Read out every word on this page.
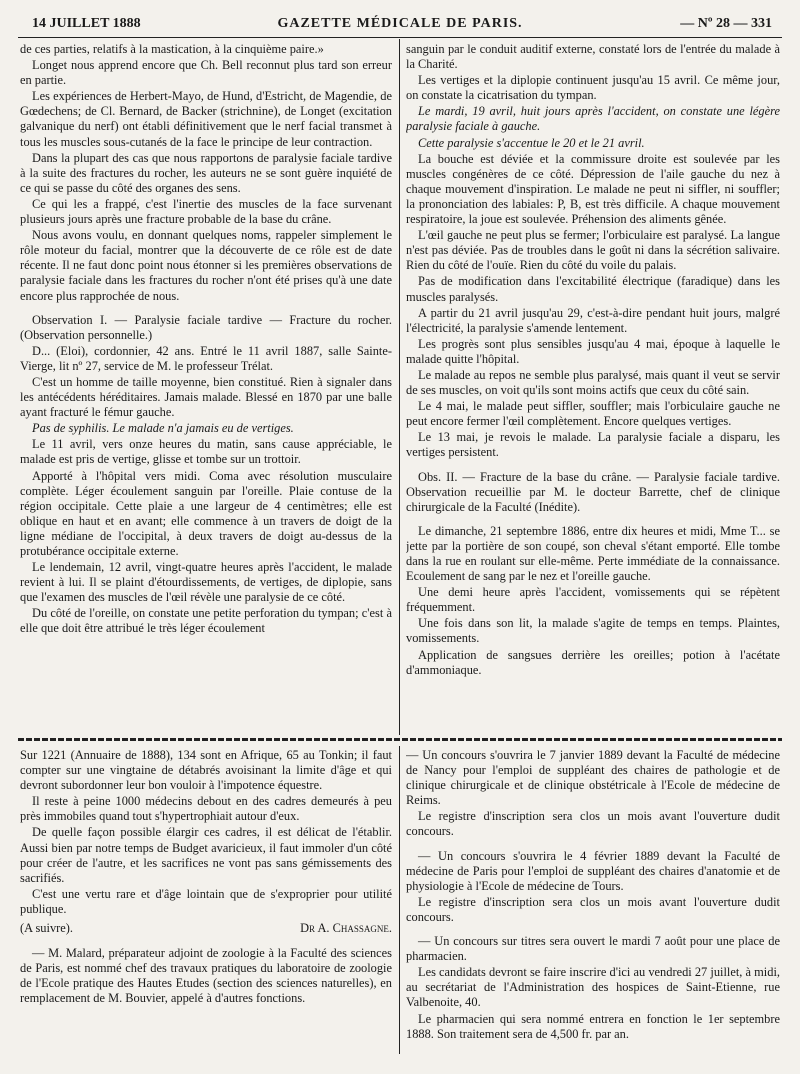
14 JUILLET 1888	GAZETTE MÉDICALE DE PARIS.	— Nº 28 — 331

de ces parties, relatifs à la mastication, à la cinquième paire.»

Longet nous apprend encore que Ch. Bell reconnut plus tard son erreur en partie.

Les expériences de Herbert-Mayo, de Hund, d'Estricht, de Magendie, de Gœdechens; de Cl. Bernard, de Backer (strichnine), de Longet (excitation galvanique du nerf) ont établi définitivement que le nerf facial transmet à tous les muscles sous-cutanés de la face le principe de leur contraction.

Dans la plupart des cas que nous rapportons de paralysie faciale tardive à la suite des fractures du rocher, les auteurs ne se sont guère inquiété de ce qui se passe du côté des organes des sens.

Ce qui les a frappé, c'est l'inertie des muscles de la face survenant plusieurs jours après une fracture probable de la base du crâne.

Nous avons voulu, en donnant quelques noms, rappeler simplement le rôle moteur du facial, montrer que la découverte de ce rôle est de date récente. Il ne faut donc point nous étonner si les premières observations de paralysie faciale dans les fractures du rocher n'ont été prises qu'à une date encore plus rapprochée de nous.

Observation I. — Paralysie faciale tardive — Fracture du rocher. (Observation personnelle.)

D... (Eloi), cordonnier, 42 ans. Entré le 11 avril 1887, salle Sainte-Vierge, lit nº 27, service de M. le professeur Trélat.

C'est un homme de taille moyenne, bien constitué. Rien à signaler dans les antécédents héréditaires. Jamais malade. Blessé en 1870 par une balle ayant fracturé le fémur gauche.

Pas de syphilis. Le malade n'a jamais eu de vertiges.

Le 11 avril, vers onze heures du matin, sans cause appréciable, le malade est pris de vertige, glisse et tombe sur un trottoir.

Apporté à l'hôpital vers midi. Coma avec résolution musculaire complète. Léger écoulement sanguin par l'oreille. Plaie contuse de la région occipitale. Cette plaie a une largeur de 4 centimètres; elle est oblique en haut et en avant; elle commence à un travers de doigt de la ligne médiane de l'occipital, à deux travers de doigt au-dessus de la protubérance occipitale externe.

Le lendemain, 12 avril, vingt-quatre heures après l'accident, le malade revient à lui. Il se plaint d'étourdissements, de vertiges, de diplopie, sans que l'examen des muscles de l'œil révèle une paralysie de ce côté.

Du côté de l'oreille, on constate une petite perforation du tympan; c'est à elle que doit être attribué le très léger écoulement

sanguin par le conduit auditif externe, constaté lors de l'entrée du malade à la Charité.

Les vertiges et la diplopie continuent jusqu'au 15 avril. Ce même jour, on constate la cicatrisation du tympan.

Le mardi, 19 avril, huit jours après l'accident, on constate une légère paralysie faciale à gauche.

Cette paralysie s'accentue le 20 et le 21 avril.

La bouche est déviée et la commissure droite est soulevée par les muscles congénères de ce côté. Dépression de l'aile gauche du nez à chaque mouvement d'inspiration. Le malade ne peut ni siffler, ni souffler; la prononciation des labiales: P, B, est très difficile. A chaque mouvement respiratoire, la joue est soulevée. Préhension des aliments gênée.

L'œil gauche ne peut plus se fermer; l'orbiculaire est paralysé. La langue n'est pas déviée. Pas de troubles dans le goût ni dans la sécrétion salivaire. Rien du côté de l'ouïe. Rien du côté du voile du palais.

Pas de modification dans l'excitabilité électrique (faradique) dans les muscles paralysés.

A partir du 21 avril jusqu'au 29, c'est-à-dire pendant huit jours, malgré l'électricité, la paralysie s'amende lentement.

Les progrès sont plus sensibles jusqu'au 4 mai, époque à laquelle le malade quitte l'hôpital.

Le malade au repos ne semble plus paralysé, mais quant il veut se servir de ses muscles, on voit qu'ils sont moins actifs que ceux du côté sain.

Le 4 mai, le malade peut siffler, souffler; mais l'orbiculaire gauche ne peut encore fermer l'œil complètement. Encore quelques vertiges.

Le 13 mai, je revois le malade. La paralysie faciale a disparu, les vertiges persistent.

Obs. II. — Fracture de la base du crâne. — Paralysie faciale tardive. Observation recueillie par M. le docteur Barrette, chef de clinique chirurgicale de la Faculté (Inédite).

Le dimanche, 21 septembre 1886, entre dix heures et midi, Mme T... se jette par la portière de son coupé, son cheval s'étant emporté. Elle tombe dans la rue en roulant sur elle-même. Perte immédiate de la connaissance. Ecoulement de sang par le nez et l'oreille gauche.

Une demi heure après l'accident, vomissements qui se répètent fréquemment.

Une fois dans son lit, la malade s'agite de temps en temps. Plaintes, vomissements.

Application de sangsues derrière les oreilles; potion à l'acétate d'ammoniaque.

Sur 1221 (Annuaire de 1888), 134 sont en Afrique, 65 au Tonkin; il faut compter sur une vingtaine de détabrés avoisinant la limite d'âge et qui devront subordonner leur bon vouloir à l'impotence équestre.

Il reste à peine 1000 médecins debout en des cadres demeurés à peu près immobiles quand tout s'hypertrophiait autour d'eux.

De quelle façon possible élargir ces cadres, il est délicat de l'établir. Aussi bien par notre temps de Budget avaricieux, il faut immoler d'un côté pour créer de l'autre, et les sacrifices ne vont pas sans gémissements des sacrifiés.

C'est une vertu rare et d'âge lointain que de s'exproprier pour utilité publique.

(A suivre).	Dr A. Chassagne.

— M. Malard, préparateur adjoint de zoologie à la Faculté des sciences de Paris, est nommé chef des travaux pratiques du laboratoire de zoologie de l'Ecole pratique des Hautes Etudes (section des sciences naturelles), en remplacement de M. Bouvier, appelé à d'autres fonctions.

— Un concours s'ouvrira le 7 janvier 1889 devant la Faculté de médecine de Nancy pour l'emploi de suppléant des chaires de pathologie et de clinique chirurgicale et de clinique obstétricale à l'Ecole de médecine de Reims.

Le registre d'inscription sera clos un mois avant l'ouverture dudit concours.

— Un concours s'ouvrira le 4 février 1889 devant la Faculté de médecine de Paris pour l'emploi de suppléant des chaires d'anatomie et de physiologie à l'Ecole de médecine de Tours.

Le registre d'inscription sera clos un mois avant l'ouverture dudit concours.

— Un concours sur titres sera ouvert le mardi 7 août pour une place de pharmacien.

Les candidats devront se faire inscrire d'ici au vendredi 27 juillet, à midi, au secrétariat de l'Administration des hospices de Saint-Etienne, rue Valbenoite, 40.

Le pharmacien qui sera nommé entrera en fonction le 1er septembre 1888. Son traitement sera de 4,500 fr. par an.
